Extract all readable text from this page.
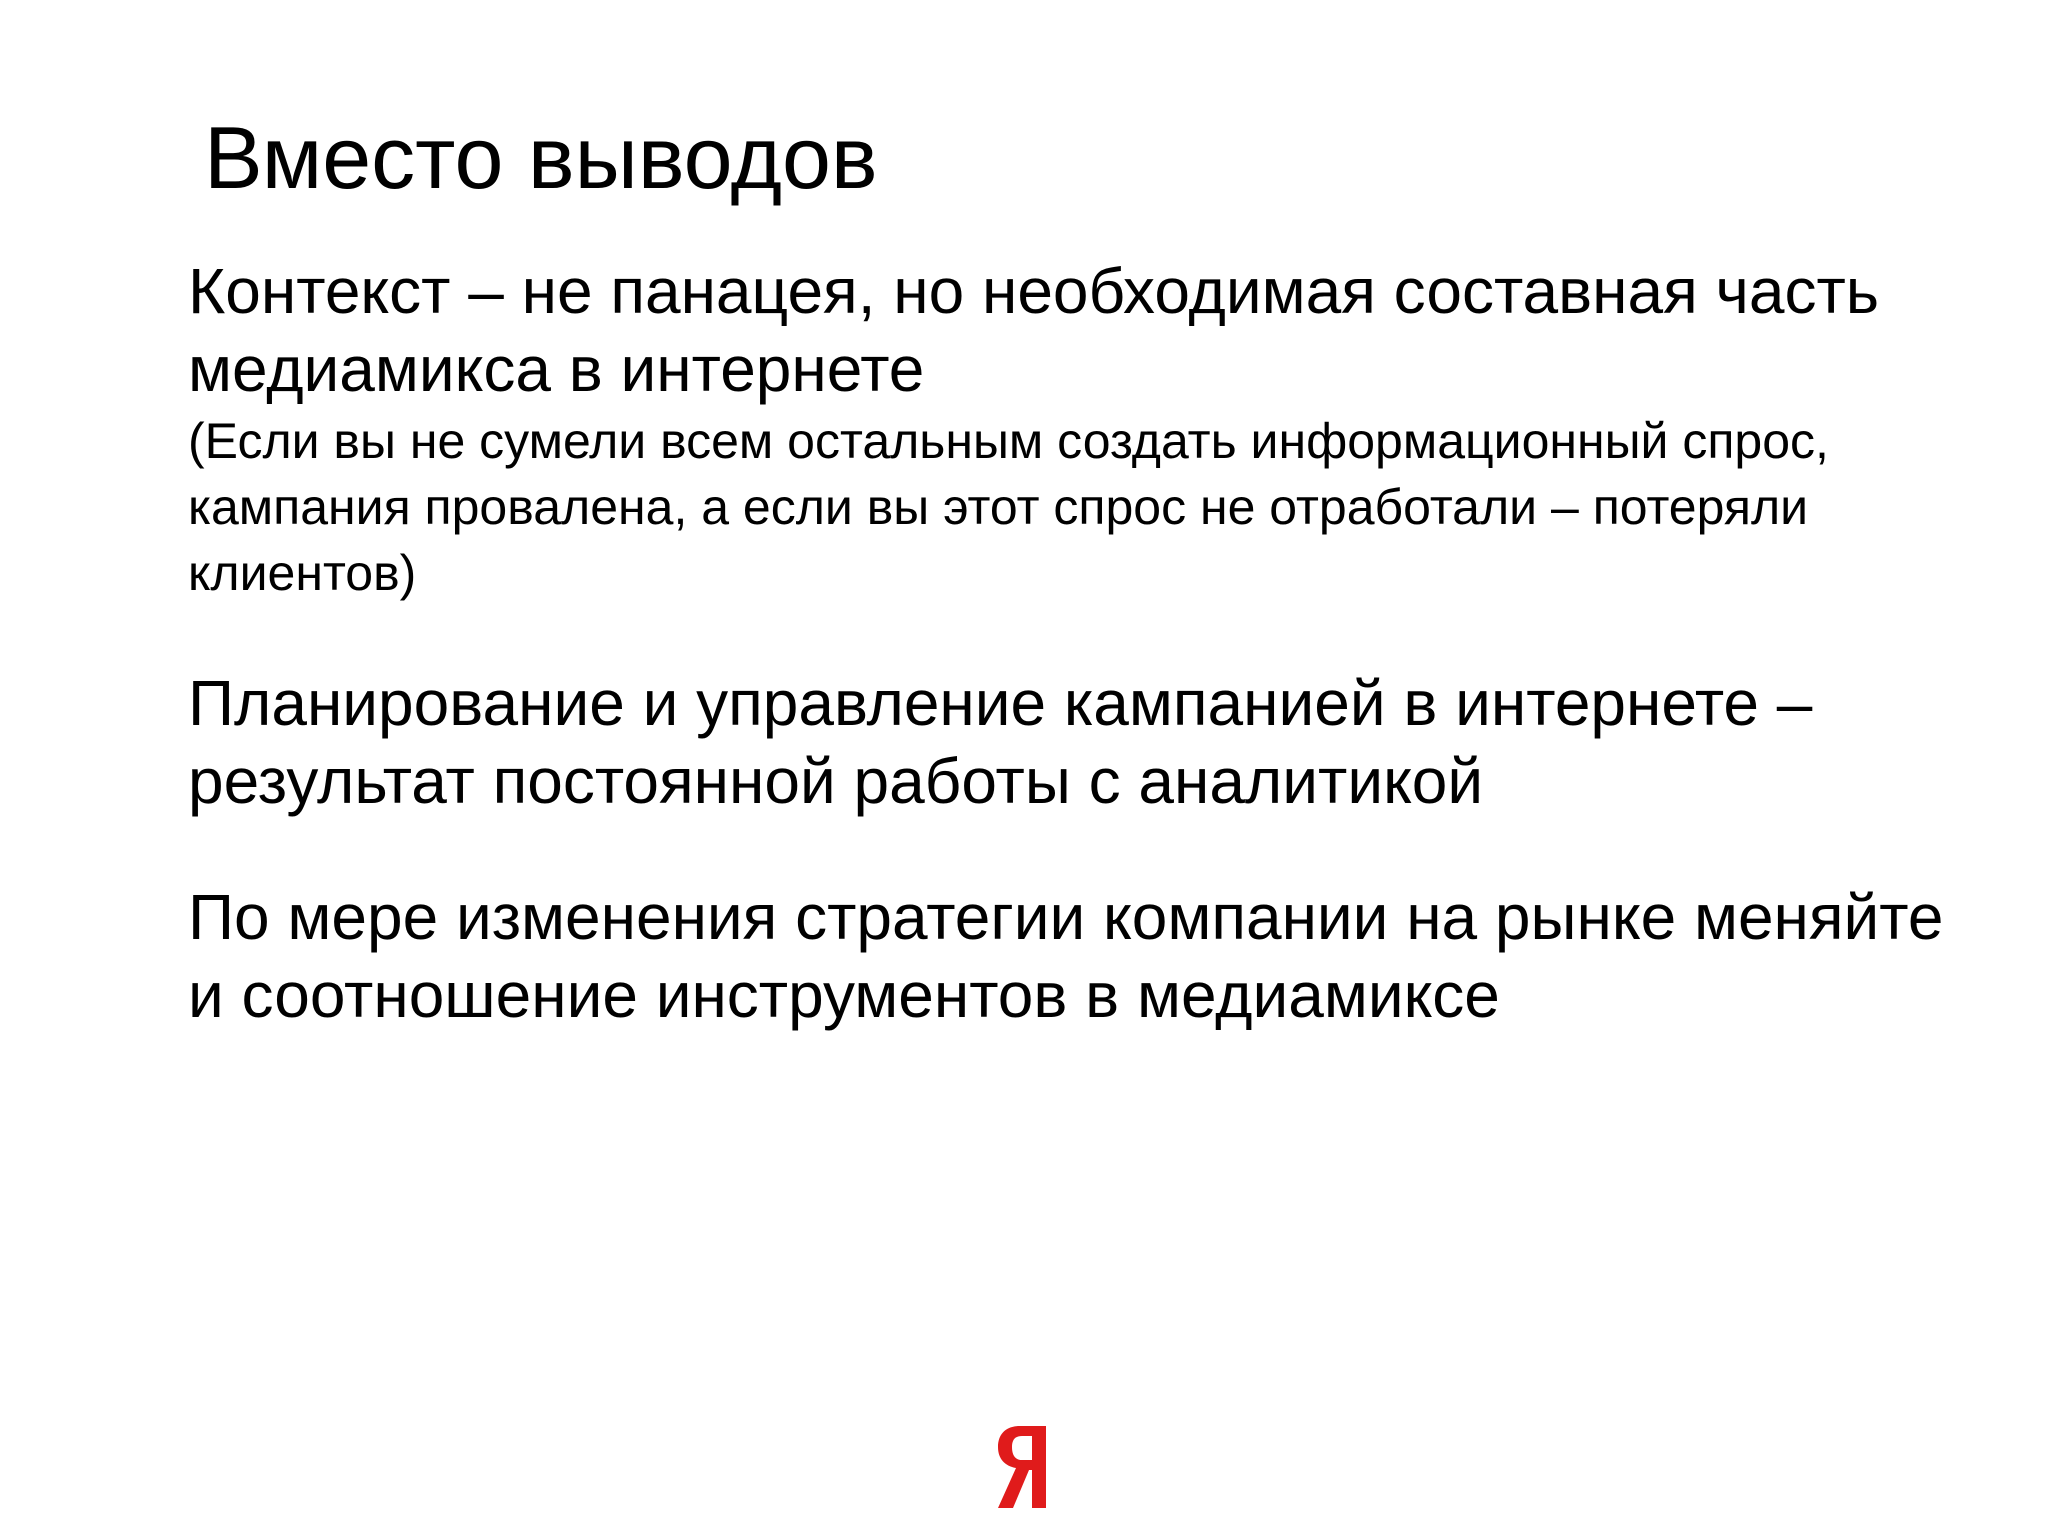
Вместо выводов

Контекст – не панацея, но необходимая составная часть медиамикса в интернете

(Если вы не сумели всем остальным создать информационный спрос, кампания провалена, а если вы этот спрос не отработали – потеряли клиентов)

Планирование и управление кампанией в интернете – результат постоянной работы с аналитикой

По мере изменения стратегии компании на рынке меняйте и соотношение инструментов в медиамиксе
